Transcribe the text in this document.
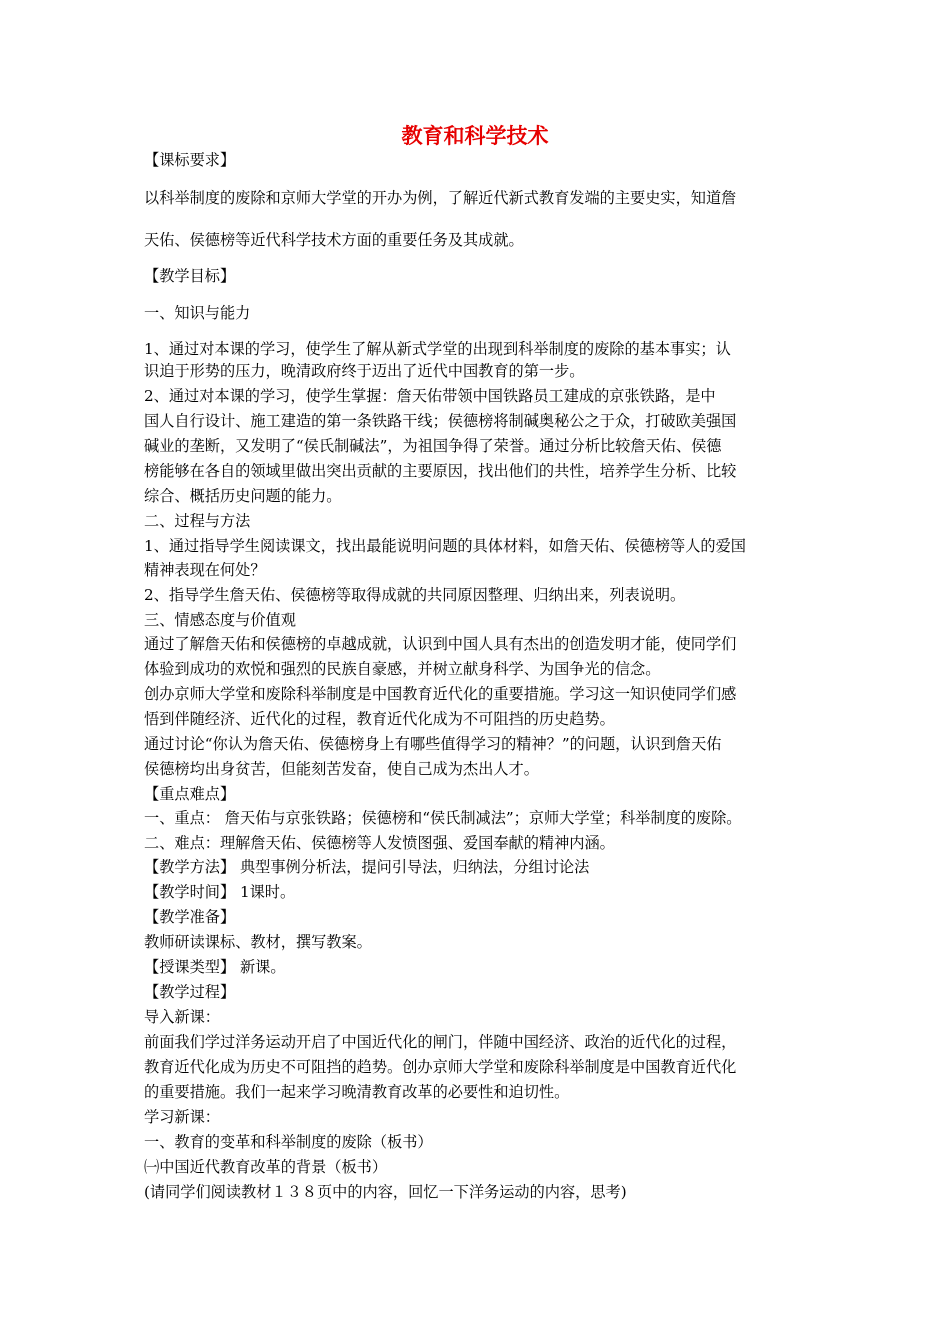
教育和科学技术
【课标要求】
以科举制度的废除和京师大学堂的开办为例，了解近代新式教育发端的主要史实，知道詹
天佑、侯德榜等近代科学技术方面的重要任务及其成就。
【教学目标】
一、知识与能力
1、通过对本课的学习，使学生了解从新式学堂的出现到科举制度的废除的基本事实；认
识迫于形势的压力，晚清政府终于迈出了近代中国教育的第一步。
2、通过对本课的学习，使学生掌握：詹天佑带领中国铁路员工建成的京张铁路，是中
国人自行设计、施工建造的第一条铁路干线；侯德榜将制碱奥秘公之于众，打破欧美强国
碱业的垄断，又发明了“侯氏制碱法”，为祖国争得了荣誉。通过分析比较詹天佑、侯德
榜能够在各自的领域里做出突出贡献的主要原因，找出他们的共性，培养学生分析、比较
综合、概括历史问题的能力。
二、过程与方法
1、通过指导学生阅读课文，找出最能说明问题的具体材料，如詹天佑、侯德榜等人的爱国
精神表现在何处？
2、指导学生詹天佑、侯德榜等取得成就的共同原因整理、归纳出来，列表说明。
三、情感态度与价值观
通过了解詹天佑和侯德榜的卓越成就，认识到中国人具有杰出的创造发明才能，使同学们
体验到成功的欢悦和强烈的民族自豪感，并树立献身科学、为国争光的信念。
创办京师大学堂和废除科举制度是中国教育近代化的重要措施。学习这一知识使同学们感
悟到伴随经济、近代化的过程，教育近代化成为不可阻挡的历史趋势。
通过讨论“你认为詹天佑、侯德榜身上有哪些值得学习的精神？”的问题，认识到詹天佑
侯德榜均出身贫苦，但能刻苦发奋，使自己成为杰出人才。
【重点难点】
一、重点： 詹天佑与京张铁路；侯德榜和“侯氏制减法”；京师大学堂；科举制度的废除。
二、难点：理解詹天佑、侯德榜等人发愤图强、爱国奉献的精神内涵。
【教学方法】 典型事例分析法，提问引导法，归纳法，分组讨论法
【教学时间】 1课时。
【教学准备】
教师研读课标、教材，撰写教案。
【授课类型】 新课。
【教学过程】
导入新课：
前面我们学过洋务运动开启了中国近代化的闸门，伴随中国经济、政治的近代化的过程，
教育近代化成为历史不可阻挡的趋势。创办京师大学堂和废除科举制度是中国教育近代化
的重要措施。我们一起来学习晚清教育改革的必要性和迫切性。
学习新课：
一、教育的变革和科举制度的废除（板书）
㈠中国近代教育改革的背景（板书）
(请同学们阅读教材１３８页中的内容，回忆一下洋务运动的内容，思考)
